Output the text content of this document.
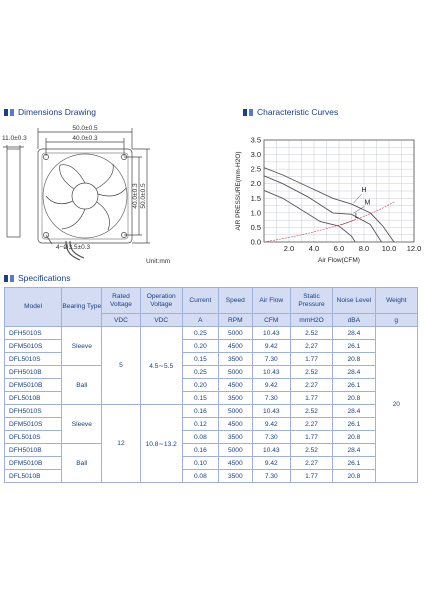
Dimensions Drawing	Characteristic Curves
Specifications
50.0±0.5
40.0±0.3
11.0±0.3
40.0±0.3 50.0±0.5
4−Ø3.5±0.3
Unit:mm
0.0
0.5
1.0
1.5
2.0
2.5
3.0
3.5
2.0 4.0 6.0 8.0 10.0 12.0
Air Flow(CFM)
AIR PRESSURE(mm-H2O)	H
M
L
Model	Bearing Type	Rated Voltage	Operation Voltage	Current	Speed	Air Flow	Static Pressure	Noise Level	Weight
		VDC	VDC	A	RPM	CFM	mmH2O	dBA	g
DFH5010S	Sleeve	5	4.5∼5.5	0.25	5000	10.43	2.52	28.4	20
DFM5010S				0.20	4500	9.42	2.27	26.1	
DFL5010S				0.15	3500	7.30	1.77	20.8	
DFH5010B	Ball			0.25	5000	10.43	2.52	28.4	
DFM5010B				0.20	4500	9.42	2.27	26.1	
DFL5010B				0.15	3500	7.30	1.77	20.8	
DFH5010S	Sleeve	12	10.8∼13.2	0.16	5000	10.43	2.52	28.4	
DFM5010S				0.12	4500	9.42	2.27	26.1	
DFL5010S				0.08	3500	7.30	1.77	20.8	
DFH5010B	Ball			0.16	5000	10.43	2.52	28.4	
DFM5010B				0.10	4500	9.42	2.27	26.1	
DFL5010B				0.08	3500	7.30	1.77	20.8	
